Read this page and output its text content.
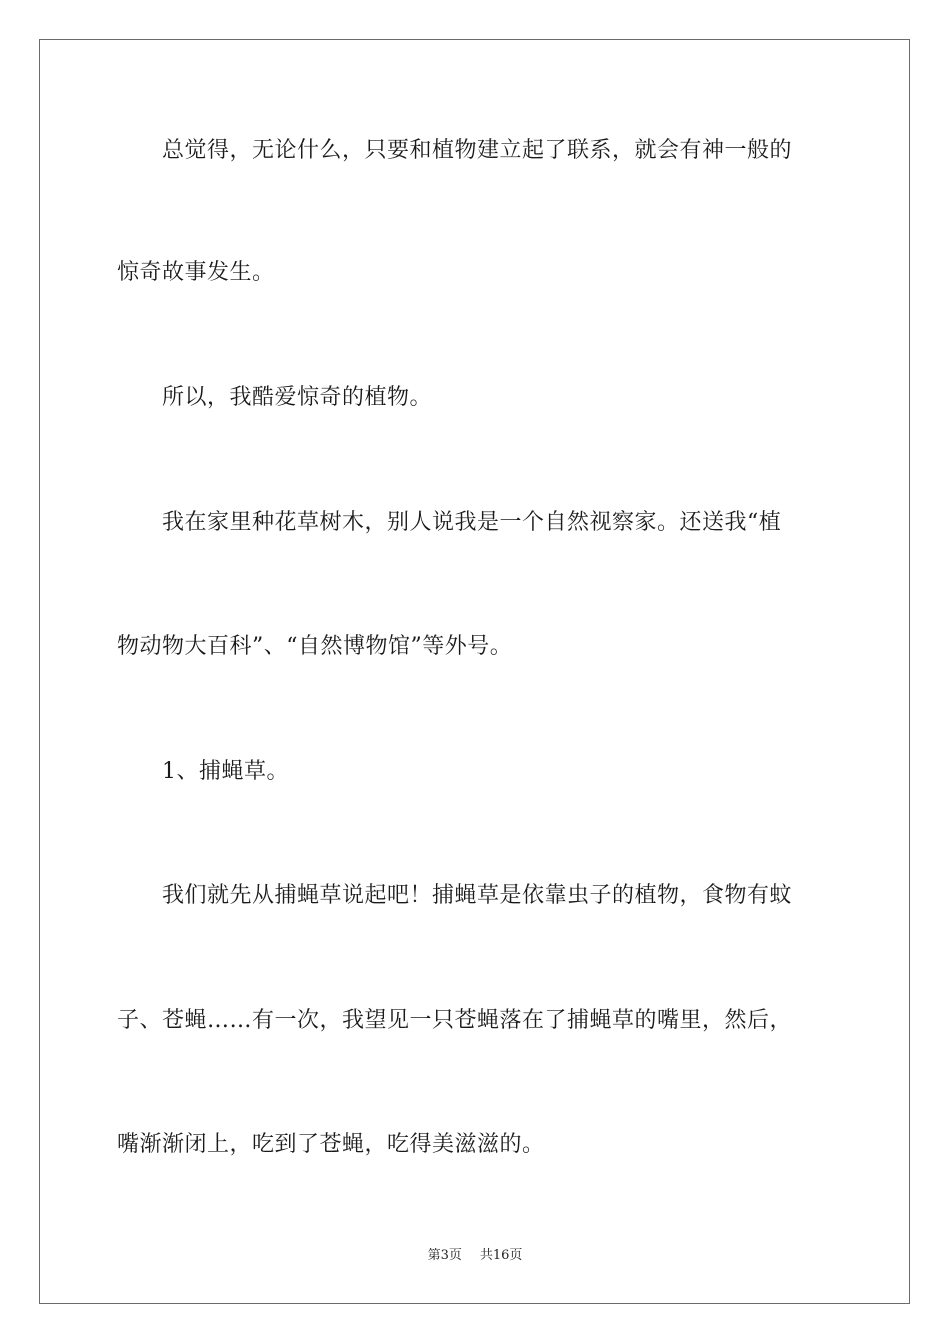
总觉得，无论什么，只要和植物建立起了联系，就会有神一般的
惊奇故事发生。
所以，我酷爱惊奇的植物。
我在家里种花草树木，别人说我是一个自然视察家。还送我“植
物动物大百科”、“自然博物馆”等外号。
1、捕蝇草。
我们就先从捕蝇草说起吧！捕蝇草是依靠虫子的植物，食物有蚊
子、苍蝇……有一次，我望见一只苍蝇落在了捕蝇草的嘴里，然后，
嘴渐渐闭上，吃到了苍蝇，吃得美滋滋的。
第3页 共16页
